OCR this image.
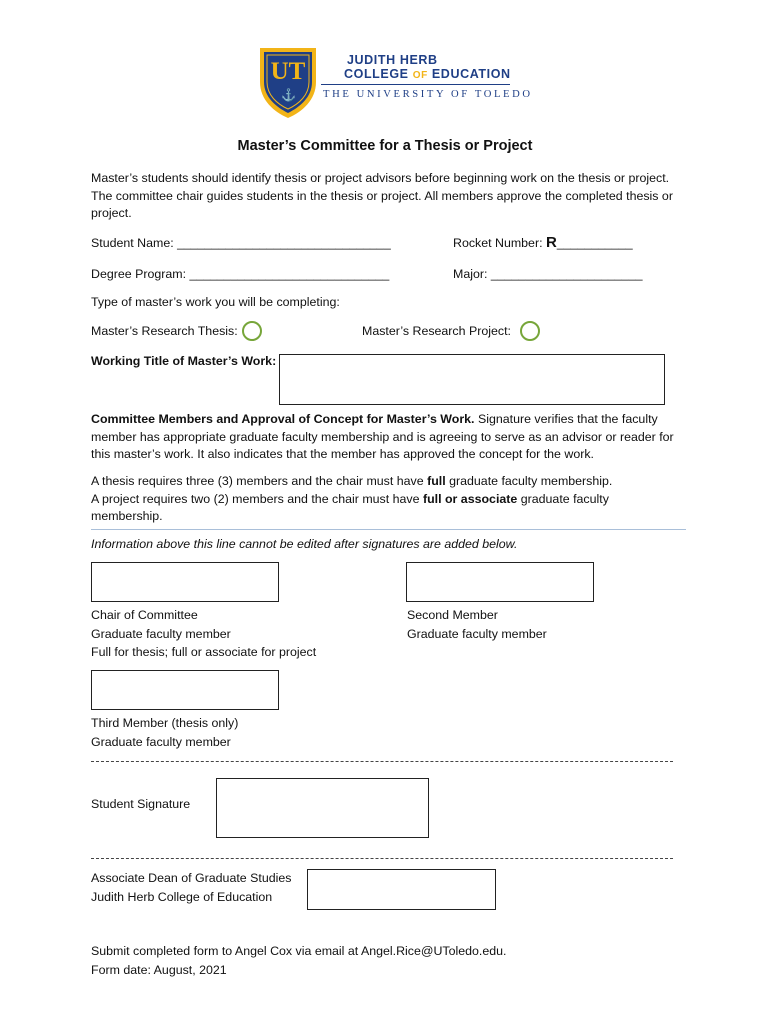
UT
⚓
JUDITH HERB
COLLEGE OF EDUCATION
THE UNIVERSITY OF TOLEDO
Master’s Committee for a Thesis or Project
Master’s students should identify thesis or project advisors before beginning work on the thesis or project. The committee chair guides students in the thesis or project. All members approve the completed thesis or project.
Student Name: _______________________________	Rocket Number: R___________
Degree Program: _____________________________	Major: ______________________
Type of master’s work you will be completing:
Master’s Research Thesis:	Master’s Research Project:
Working Title of Master’s Work:
Committee Members and Approval of Concept for Master’s Work. Signature verifies that the faculty member has appropriate graduate faculty membership and is agreeing to serve as an advisor or reader for this master’s work. It also indicates that the member has approved the concept for the work.
A thesis requires three (3) members and the chair must have full graduate faculty membership.
A project requires two (2) members and the chair must have full or associate graduate faculty membership.
Information above this line cannot be edited after signatures are added below.
Chair of Committee
Graduate faculty member
Full for thesis; full or associate for project
Second Member
Graduate faculty member
Third Member (thesis only)
Graduate faculty member
Student Signature
Associate Dean of Graduate Studies
Judith Herb College of Education
Submit completed form to Angel Cox via email at Angel.Rice@UToledo.edu.
Form date: August, 2021
